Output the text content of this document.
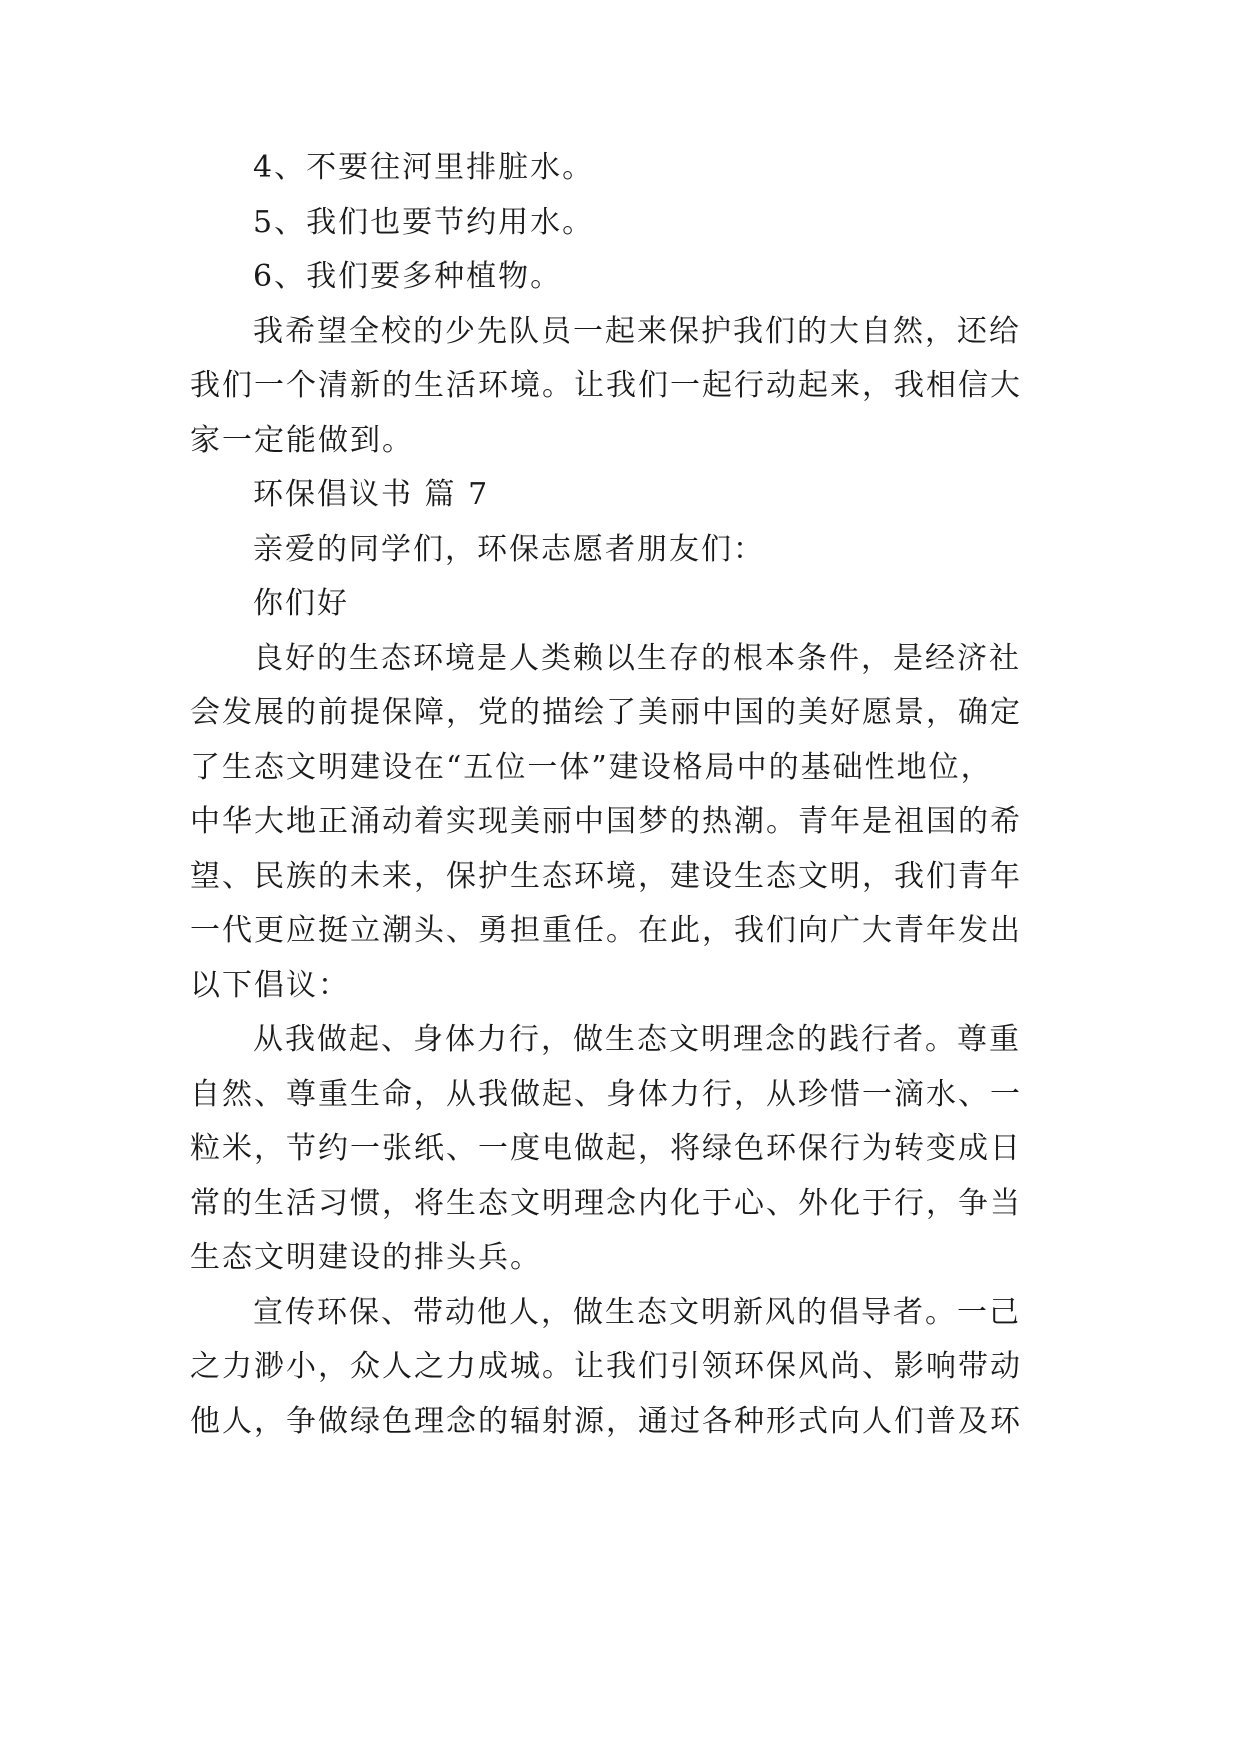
4、不要往河里排脏水。
5、我们也要节约用水。
6、我们要多种植物。
我希望全校的少先队员一起来保护我们的大自然，还给
我们一个清新的生活环境。让我们一起行动起来，我相信大
家一定能做到。
环保倡议书 篇 7
亲爱的同学们，环保志愿者朋友们：
你们好
良好的生态环境是人类赖以生存的根本条件，是经济社
会发展的前提保障，党的描绘了美丽中国的美好愿景，确定
了生态文明建设在“五位一体”建设格局中的基础性地位，
中华大地正涌动着实现美丽中国梦的热潮。青年是祖国的希
望、民族的未来，保护生态环境，建设生态文明，我们青年
一代更应挺立潮头、勇担重任。在此，我们向广大青年发出
以下倡议：
从我做起、身体力行，做生态文明理念的践行者。尊重
自然、尊重生命，从我做起、身体力行，从珍惜一滴水、一
粒米，节约一张纸、一度电做起，将绿色环保行为转变成日
常的生活习惯，将生态文明理念内化于心、外化于行，争当
生态文明建设的排头兵。
宣传环保、带动他人，做生态文明新风的倡导者。一己
之力渺小，众人之力成城。让我们引领环保风尚、影响带动
他人，争做绿色理念的辐射源，通过各种形式向人们普及环
